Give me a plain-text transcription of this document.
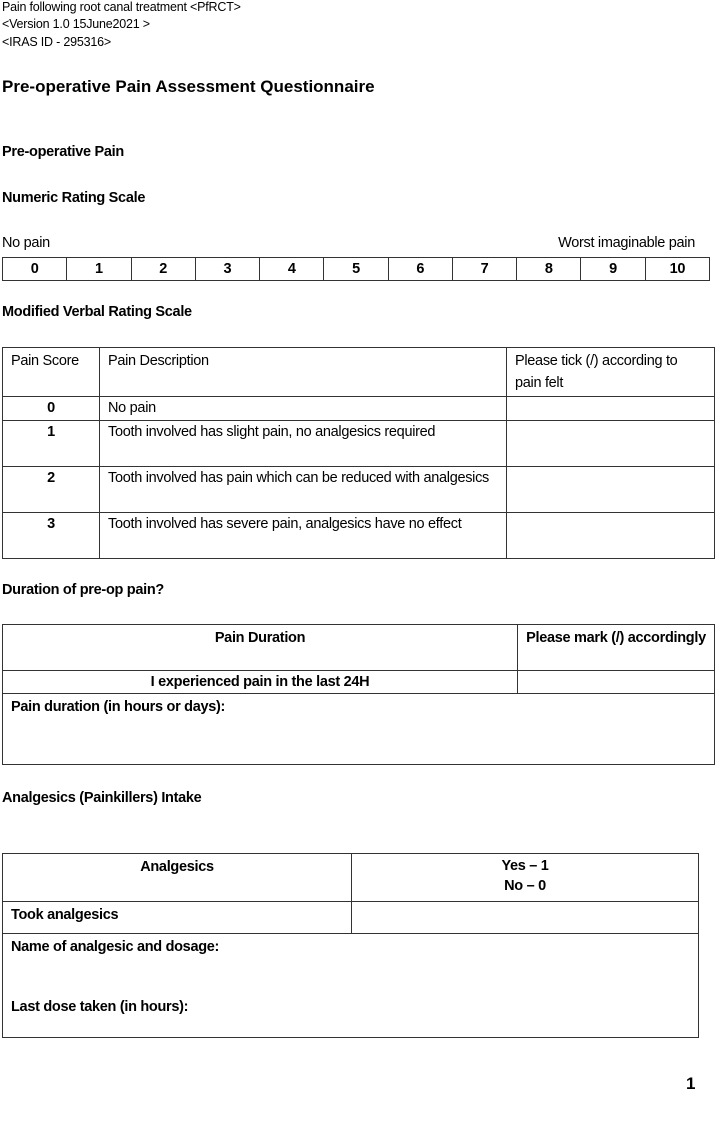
Pain following root canal treatment <PfRCT>
<Version 1.0 15June2021 >
<IRAS ID - 295316>
Pre-operative Pain Assessment Questionnaire
Pre-operative Pain
Numeric Rating Scale
No pain	Worst imaginable pain
0	1	2	3	4	5	6	7	8	9	10
Modified Verbal Rating Scale
Pain Score	Pain Description	Please tick (/) according to pain felt
0	No pain	
1	Tooth involved has slight pain, no analgesics required	
2	Tooth involved has pain which can be reduced with analgesics	
3	Tooth involved has severe pain, analgesics have no effect	
Duration of pre-op pain?
Pain Duration	Please mark (/) accordingly
I experienced pain in the last 24H	
Pain duration (in hours or days):	
Analgesics (Painkillers) Intake
Analgesics	Yes – 1
No – 0

Took analgesics	

Name of analgesic and dosage:
Last dose taken (in hours):	
1
